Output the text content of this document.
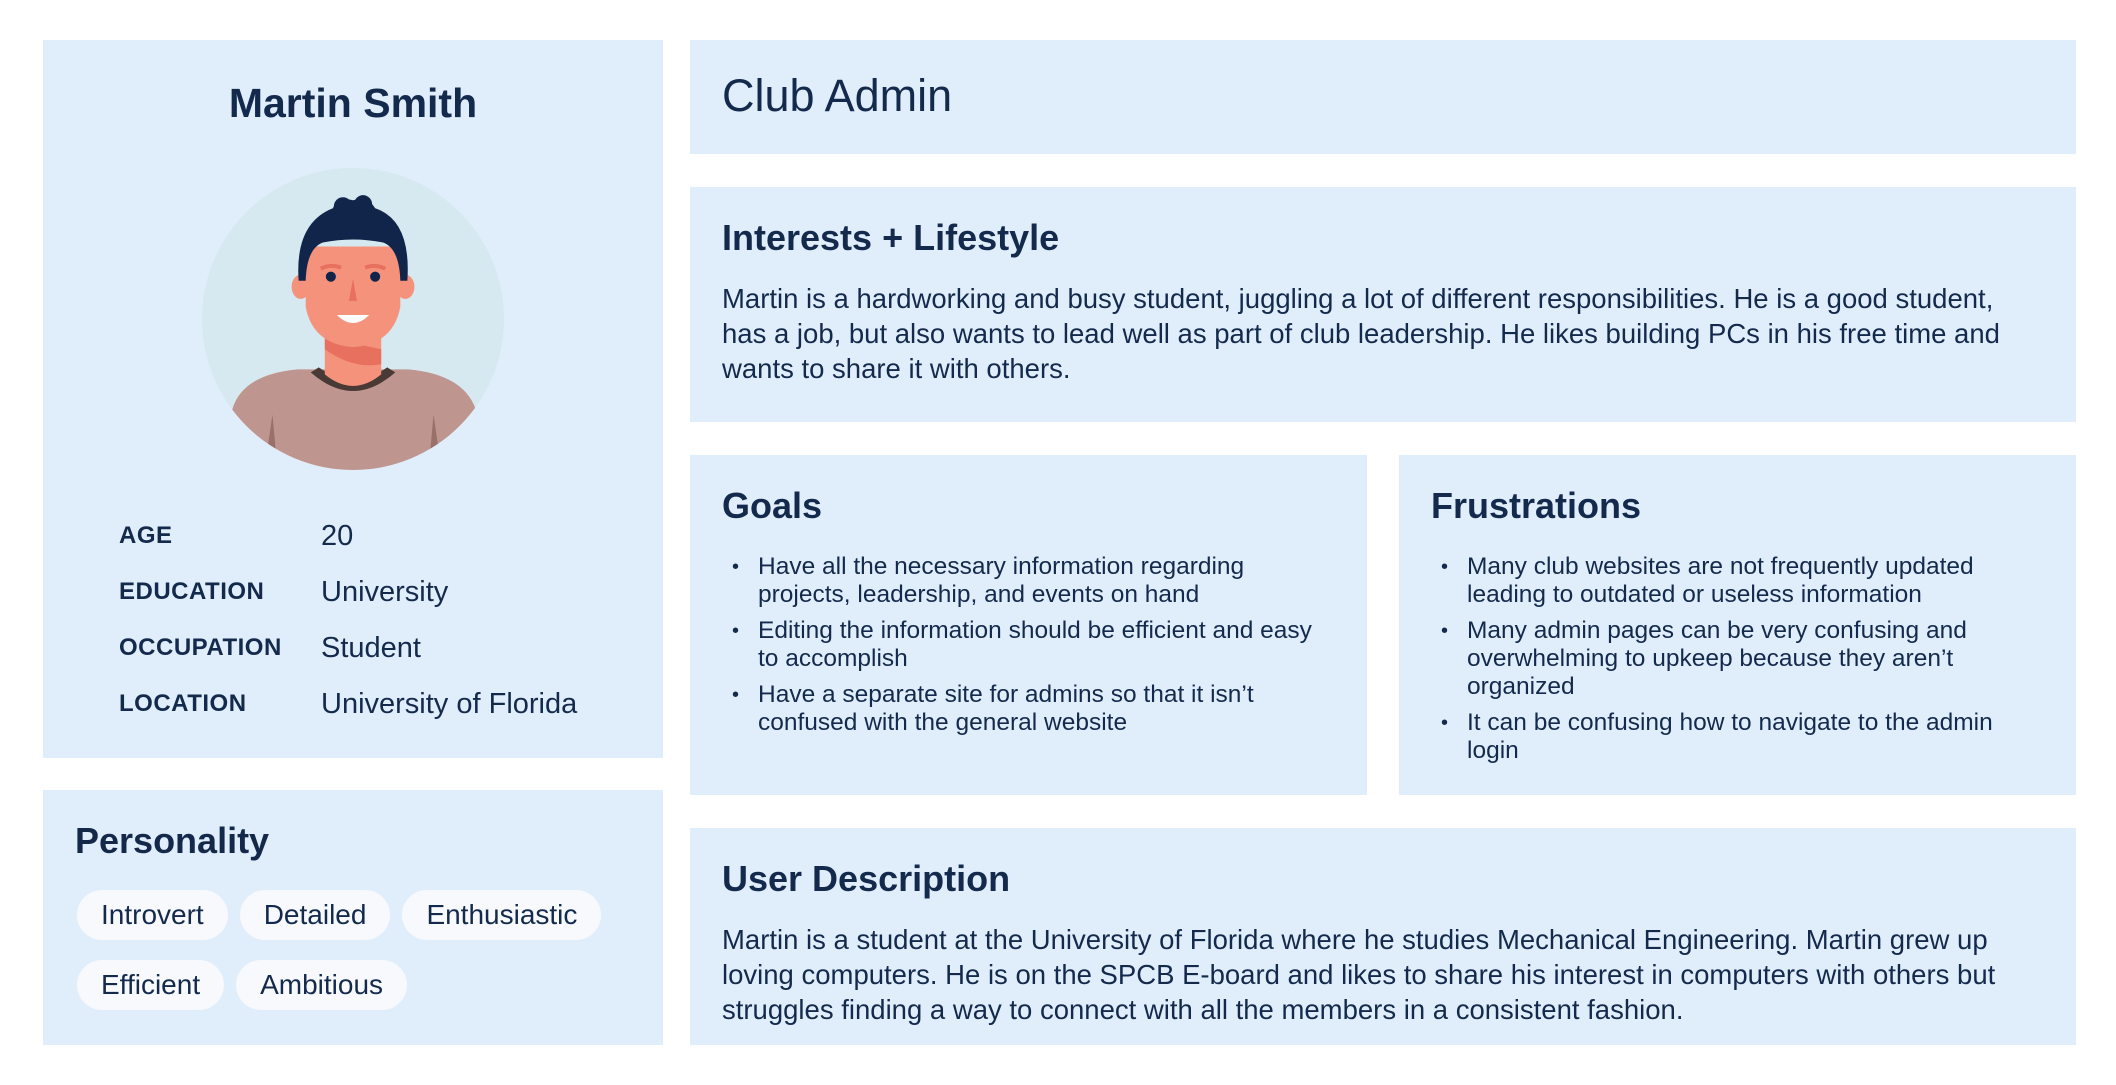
Martin Smith
AGE	20
EDUCATION	University
OCCUPATION	Student
LOCATION	University of Florida
Personality
Introvert	Detailed	Enthusiastic
Efficient	Ambitious
Club Admin
Interests + Lifestyle

Martin is a hardworking and busy student, juggling a lot of different responsibilities. He is a good student, has a job, but also wants to lead well as part of club leadership. He likes building PCs in his free time and wants to share it with others.

Goals
• Have all the necessary information regarding projects, leadership, and events on hand
• Editing the information should be efficient and easy to accomplish
• Have a separate site for admins so that it isn’t confused with the general website
Frustrations
• Many club websites are not frequently updated leading to outdated or useless information
• Many admin pages can be very confusing and overwhelming to upkeep because they aren’t organized
• It can be confusing how to navigate to the admin login
User Description

Martin is a student at the University of Florida where he studies Mechanical Engineering. Martin grew up loving computers. He is on the SPCB E-board and likes to share his interest in computers with others but struggles finding a way to connect with all the members in a consistent fashion.
